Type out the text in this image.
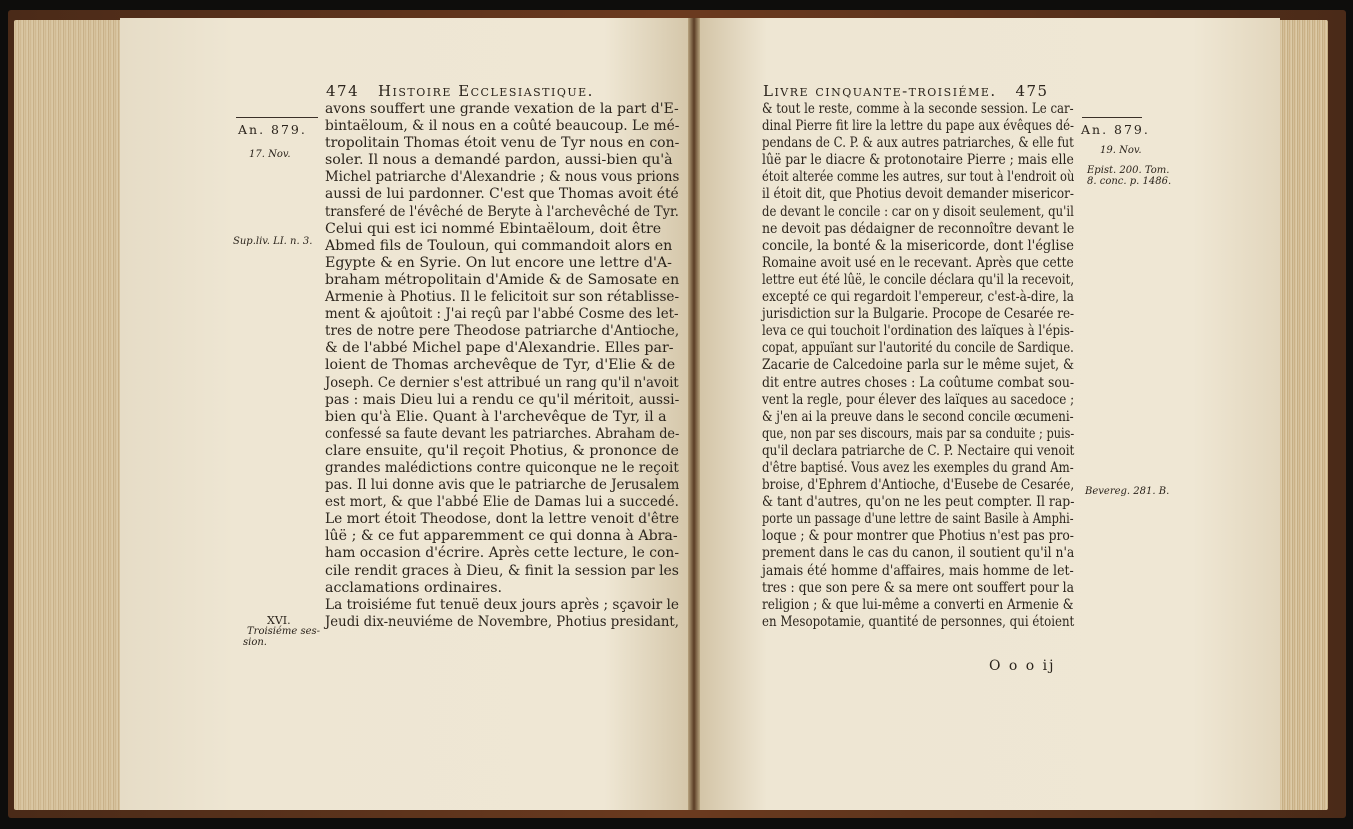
474 Histoire Ecclesiastique.
An. 879.
17. Nov.
Sup.liv. LI. n. 3.
XVI.
Troisiéme ses-
sion.
avons souffert une grande vexation de la part d'E-
bintaëloum, & il nous en a coûté beaucoup. Le mé-
tropolitain Thomas étoit venu de Tyr nous en con-
soler. Il nous a demandé pardon, aussi-bien qu'à
Michel patriarche d'Alexandrie ; & nous vous prions
aussi de lui pardonner. C'est que Thomas avoit été
transferé de l'évêché de Beryte à l'archevêché de Tyr.
Celui qui est ici nommé Ebintaëloum, doit être
Abmed fils de Touloun, qui commandoit alors en
Egypte & en Syrie. On lut encore une lettre d'A-
braham métropolitain d'Amide & de Samosate en
Armenie à Photius. Il le felicitoit sur son rétablisse-
ment & ajoûtoit : J'ai reçû par l'abbé Cosme des let-
tres de notre pere Theodose patriarche d'Antioche,
& de l'abbé Michel pape d'Alexandrie. Elles par-
loient de Thomas archevêque de Tyr, d'Elie & de
Joseph. Ce dernier s'est attribué un rang qu'il n'avoit
pas : mais Dieu lui a rendu ce qu'il méritoit, aussi-
bien qu'à Elie. Quant à l'archevêque de Tyr, il a
confessé sa faute devant les patriarches. Abraham de-
clare ensuite, qu'il reçoit Photius, & prononce de
grandes malédictions contre quiconque ne le reçoit
pas. Il lui donne avis que le patriarche de Jerusalem
est mort, & que l'abbé Elie de Damas lui a succedé.
Le mort étoit Theodose, dont la lettre venoit d'être
lûë ; & ce fut apparemment ce qui donna à Abra-
ham occasion d'écrire. Après cette lecture, le con-
cile rendit graces à Dieu, & finit la session par les
acclamations ordinaires.
La troisiéme fut tenuë deux jours après ; sçavoir le
Jeudi dix-neuviéme de Novembre, Photius presidant,
Livre cinquante-troisiéme. 475
An. 879.
19. Nov.
Epist. 200. Tom.
8. conc. p. 1486.
Bevereg. 281. B.
& tout le reste, comme à la seconde session. Le car-
dinal Pierre fit lire la lettre du pape aux évêques dé-
pendans de C. P. & aux autres patriarches, & elle fut
lûë par le diacre & protonotaire Pierre ; mais elle
étoit alterée comme les autres, sur tout à l'endroit où
il étoit dit, que Photius devoit demander misericor-
de devant le concile : car on y disoit seulement, qu'il
ne devoit pas dédaigner de reconnoître devant le
concile, la bonté & la misericorde, dont l'église
Romaine avoit usé en le recevant. Après que cette
lettre eut été lûë, le concile déclara qu'il la recevoit,
excepté ce qui regardoit l'empereur, c'est-à-dire, la
jurisdiction sur la Bulgarie. Procope de Cesarée re-
leva ce qui touchoit l'ordination des laïques à l'épis-
copat, appuïant sur l'autorité du concile de Sardique.
Zacarie de Calcedoine parla sur le même sujet, &
dit entre autres choses : La coûtume combat sou-
vent la regle, pour élever des laïques au sacedoce ;
& j'en ai la preuve dans le second concile œcumeni-
que, non par ses discours, mais par sa conduite ; puis-
qu'il declara patriarche de C. P. Nectaire qui venoit
d'être baptisé. Vous avez les exemples du grand Am-
broise, d'Ephrem d'Antioche, d'Eusebe de Cesarée,
& tant d'autres, qu'on ne les peut compter. Il rap-
porte un passage d'une lettre de saint Basile à Amphi-
loque ; & pour montrer que Photius n'est pas pro-
prement dans le cas du canon, il soutient qu'il n'a
jamais été homme d'affaires, mais homme de let-
tres : que son pere & sa mere ont souffert pour la
religion ; & que lui-même a converti en Armenie &
en Mesopotamie, quantité de personnes, qui étoient
O o o ij
